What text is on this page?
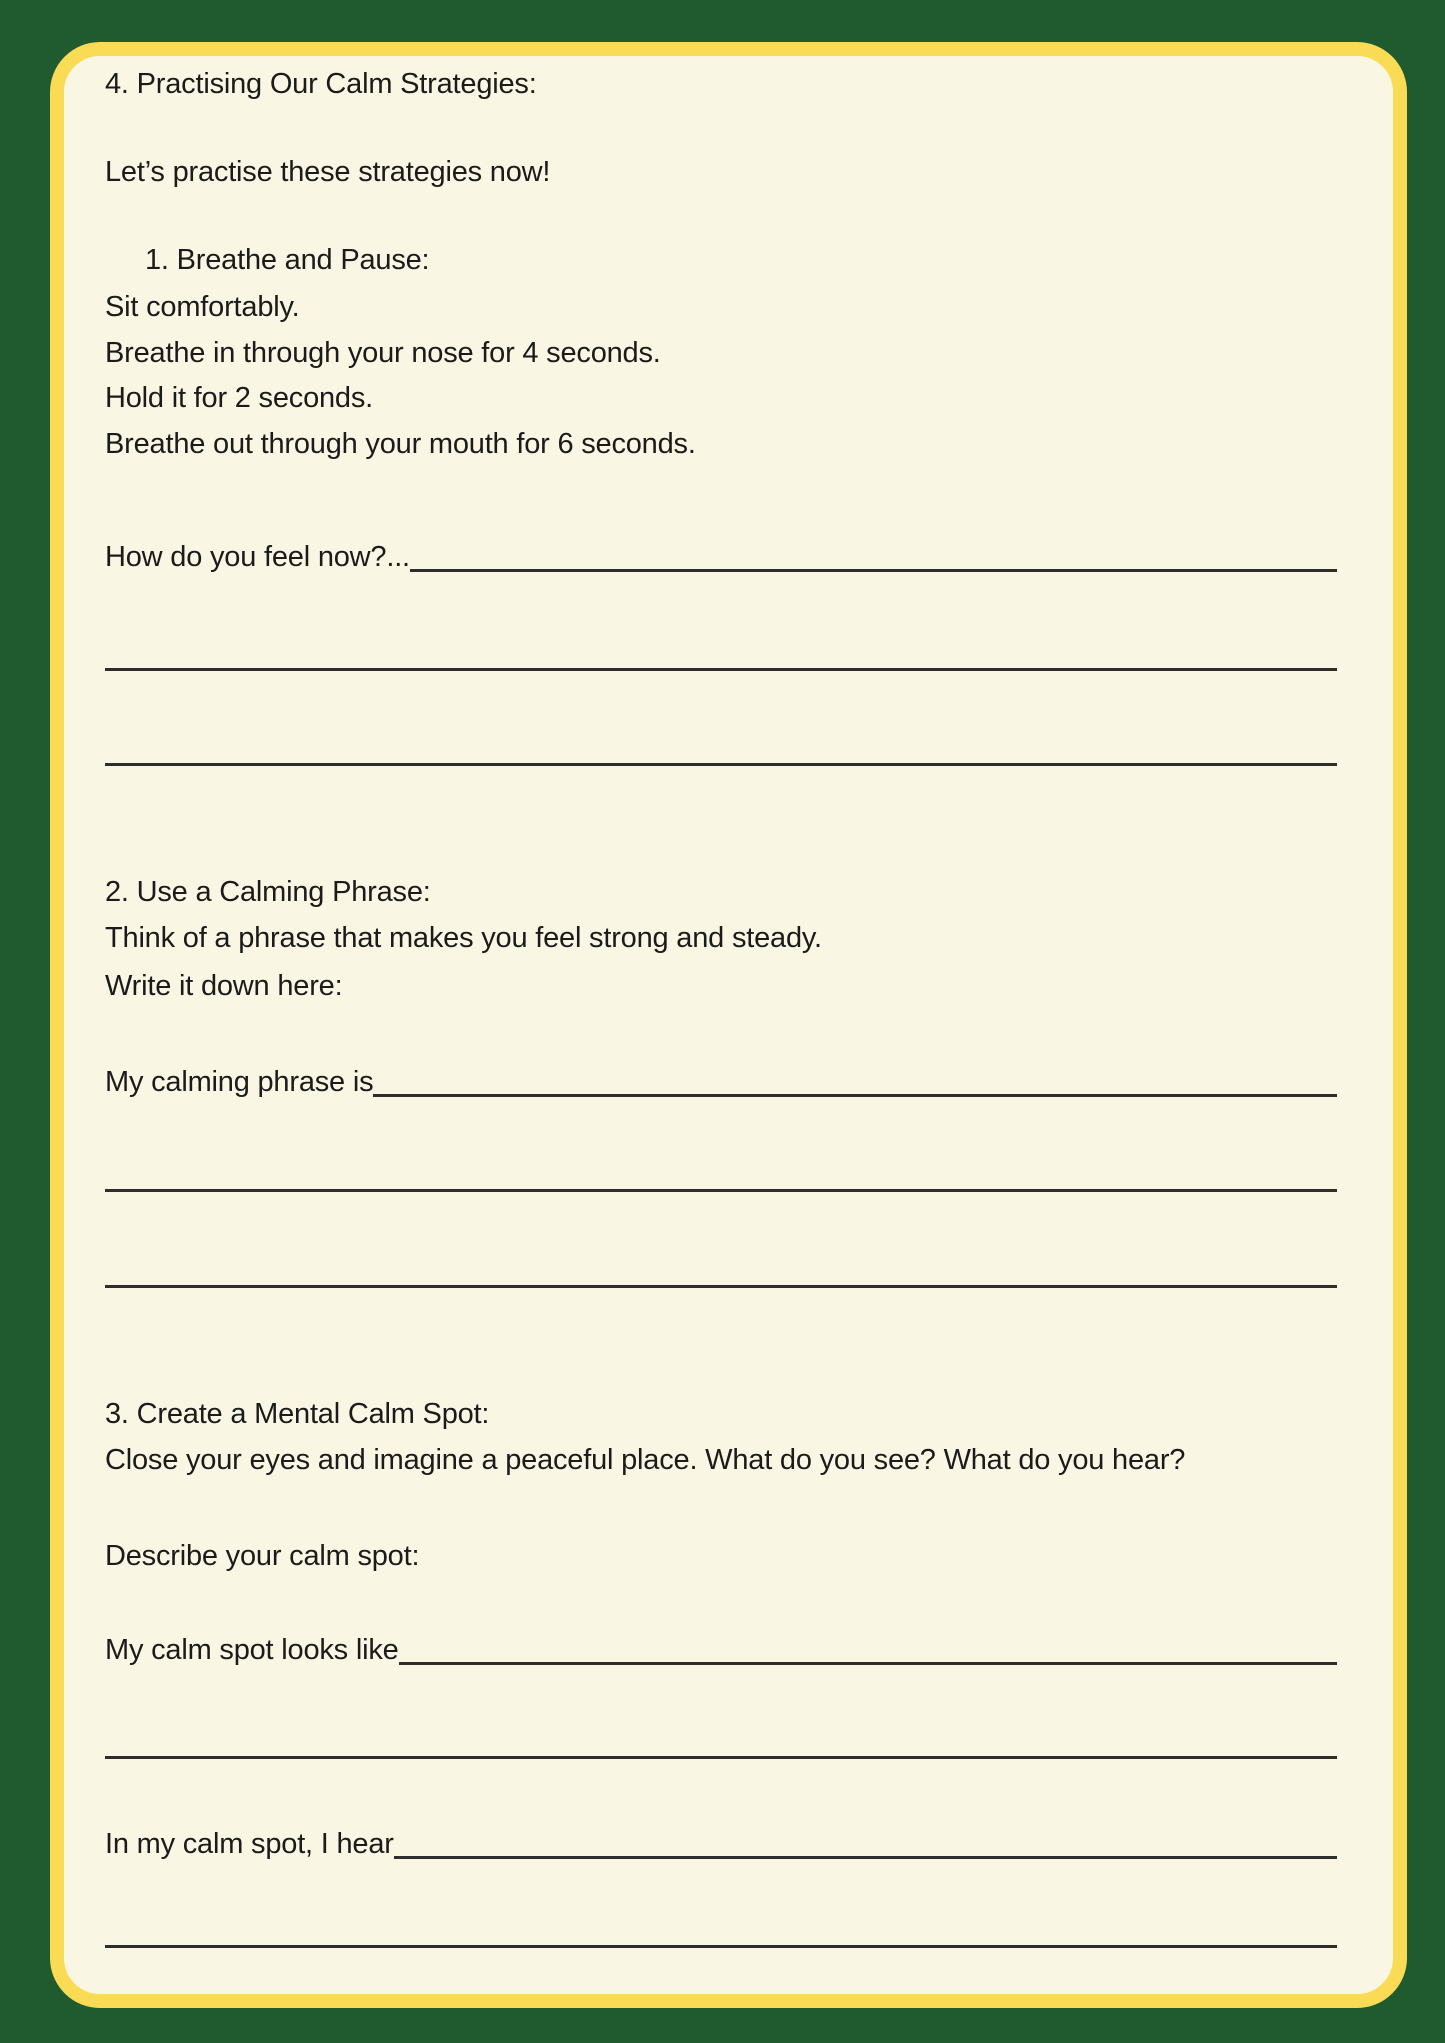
4. Practising Our Calm Strategies:
Let’s practise these strategies now!
1. Breathe and Pause:
Sit comfortably.
Breathe in through your nose for 4 seconds.
Hold it for 2 seconds.
Breathe out through your mouth for 6 seconds.
How do you feel now?...
2. Use a Calming Phrase:
Think of a phrase that makes you feel strong and steady.
Write it down here:
My calming phrase is
3. Create a Mental Calm Spot:
Close your eyes and imagine a peaceful place. What do you see? What do you hear?
Describe your calm spot:
My calm spot looks like
In my calm spot, I hear
